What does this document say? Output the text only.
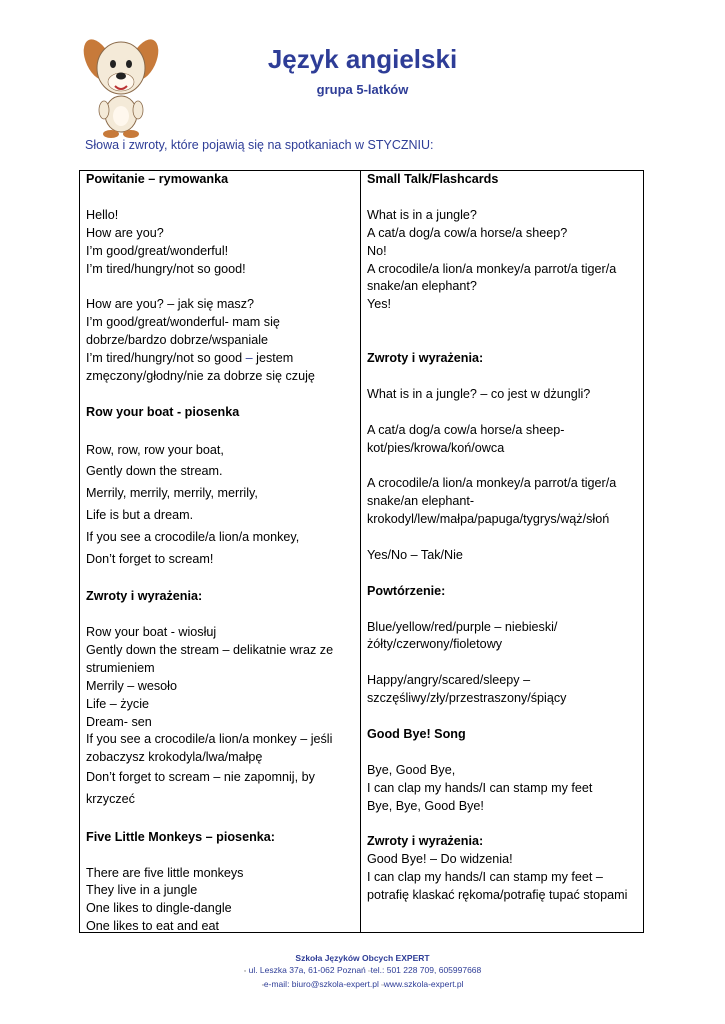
Język angielski
grupa 5-latków
Słowa i zwroty, które pojawią się na spotkaniach w STYCZNIU:
Powitanie – rymowanka
Hello!
How are you?
I’m good/great/wonderful!
I’m tired/hungry/not so good!
How are you? – jak się masz?
I’m good/great/wonderful- mam się dobrze/bardzo dobrze/wspaniale
I’m tired/hungry/not so good – jestem zmęczony/głodny/nie za dobrze się czuję
Row your boat - piosenka
Row, row, row your boat,
Gently down the stream.
Merrily, merrily, merrily, merrily,
Life is but a dream.
If you see a crocodile/a lion/a monkey,
Don’t forget to scream!
Zwroty i wyrażenia:
Row your boat - wiosłuj
Gently down the stream – delikatnie wraz ze strumieniem
Merrily – wesoło
Life – życie
Dream- sen
If you see a crocodile/a lion/a monkey – jeśli zobaczysz krokodyla/lwa/małpę
Don’t forget to scream – nie zapomnij, by krzyczeć
Five Little Monkeys – piosenka:
There are five little monkeys
They live in a jungle
One likes to dingle-dangle
One likes to eat and eat
Small Talk/Flashcards
What is in a jungle?
A cat/a dog/a cow/a horse/a sheep?
No!
A crocodile/a lion/a monkey/a parrot/a tiger/a snake/an elephant?
Yes!
Zwroty i wyrażenia:
What is in a jungle? – co jest w dżungli?
A cat/a dog/a cow/a horse/a sheep- kot/pies/krowa/koń/owca
A crocodile/a lion/a monkey/a parrot/a tiger/a snake/an elephant- krokodyl/lew/małpa/papuga/tygrys/wąż/słoń
Yes/No – Tak/Nie
Powtórzenie:
Blue/yellow/red/purple – niebieski/żółty/czerwony/fioletowy
Happy/angry/scared/sleepy – szczęśliwy/zły/przestraszony/śpiący
Good Bye! Song
Bye, Good Bye,
I can clap my hands/I can stamp my feet
Bye, Bye, Good Bye!
Zwroty i wyrażenia:
Good Bye! – Do widzenia!
I can clap my hands/I can stamp my feet – potrafię klaskać rękoma/potrafię tupać stopami
Szkoła Języków Obcych EXPERT
▫ ul. Leszka 37a, 61-062 Poznań ▫tel.: 501 228 709, 605997668
▫e-mail: biuro@szkola-expert.pl ▫www.szkola-expert.pl
